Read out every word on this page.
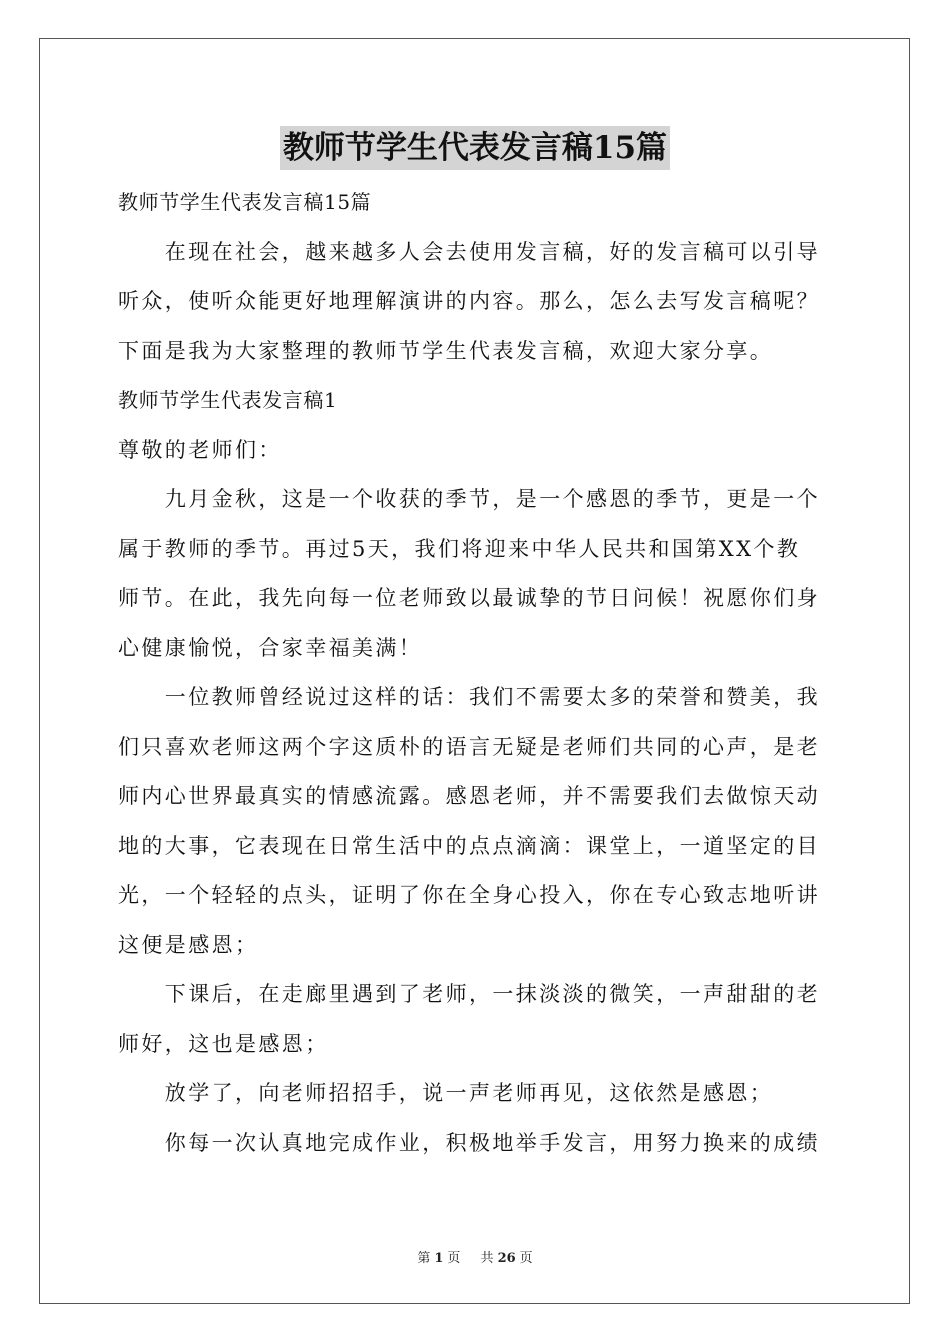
教师节学生代表发言稿15篇
教师节学生代表发言稿15篇
　　在现在社会，越来越多人会去使用发言稿，好的发言稿可以引导
听众，使听众能更好地理解演讲的内容。那么，怎么去写发言稿呢？
下面是我为大家整理的教师节学生代表发言稿，欢迎大家分享。
教师节学生代表发言稿1
尊敬的老师们：
　　九月金秋，这是一个收获的季节，是一个感恩的季节，更是一个
属于教师的季节。再过5天，我们将迎来中华人民共和国第XX个教
师节。在此，我先向每一位老师致以最诚挚的节日问候！祝愿你们身
心健康愉悦，合家幸福美满！
　　一位教师曾经说过这样的话：我们不需要太多的荣誉和赞美，我
们只喜欢老师这两个字这质朴的语言无疑是老师们共同的心声，是老
师内心世界最真实的情感流露。感恩老师，并不需要我们去做惊天动
地的大事，它表现在日常生活中的点点滴滴：课堂上，一道坚定的目
光，一个轻轻的点头，证明了你在全身心投入，你在专心致志地听讲
这便是感恩；
　　下课后，在走廊里遇到了老师，一抹淡淡的微笑，一声甜甜的老
师好，这也是感恩；
　　放学了，向老师招招手，说一声老师再见，这依然是感恩；
　　你每一次认真地完成作业，积极地举手发言，用努力换来的成绩
第 1 页 共 26 页
